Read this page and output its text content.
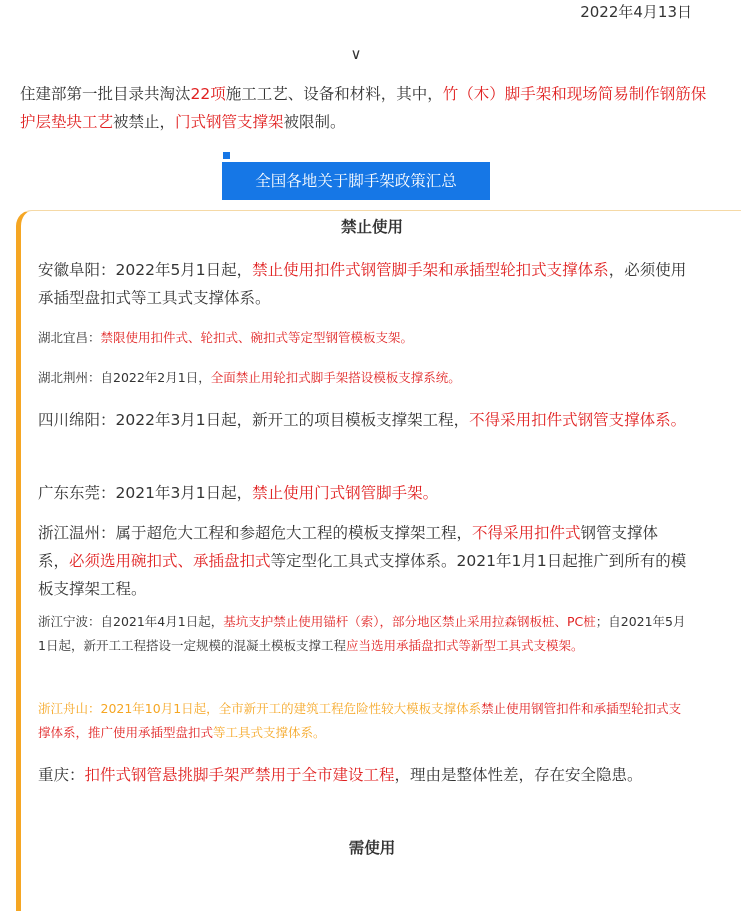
2022年4月13日
∨
住建部第一批目录共淘汰22项施工工艺、设备和材料，其中，竹（木）脚手架和现场简易制作钢筋保护层垫块工艺被禁止，门式钢管支撑架被限制。
全国各地关于脚手架政策汇总
禁止使用
安徽阜阳：2022年5月1日起，禁止使用扣件式钢管脚手架和承插型轮扣式支撑体系，必须使用承插型盘扣式等工具式支撑体系。
湖北宜昌：禁限使用扣件式、轮扣式、碗扣式等定型钢管模板支架。
湖北荆州：自2022年2月1日，全面禁止用轮扣式脚手架搭设模板支撑系统。
四川绵阳：2022年3月1日起，新开工的项目模板支撑架工程，不得采用扣件式钢管支撑体系。
广东东莞：2021年3月1日起，禁止使用门式钢管脚手架。
浙江温州：属于超危大工程和参超危大工程的模板支撑架工程，不得采用扣件式钢管支撑体系，必须选用碗扣式、承插盘扣式等定型化工具式支撑体系。2021年1月1日起推广到所有的模板支撑架工程。
浙江宁波：自2021年4月1日起，基坑支护禁止使用锚杆（索），部分地区禁止采用拉森钢板桩、PC桩；自2021年5月1日起，新开工工程搭设一定规模的混凝土模板支撑工程应当选用承插盘扣式等新型工具式支模架。
浙江舟山：2021年10月1日起，全市新开工的建筑工程危险性较大模板支撑体系禁止使用钢管扣件和承插型轮扣式支撑体系，推广使用承插型盘扣式等工具式支撑体系。
重庆：扣件式钢管悬挑脚手架严禁用于全市建设工程，理由是整体性差，存在安全隐患。
需使用
